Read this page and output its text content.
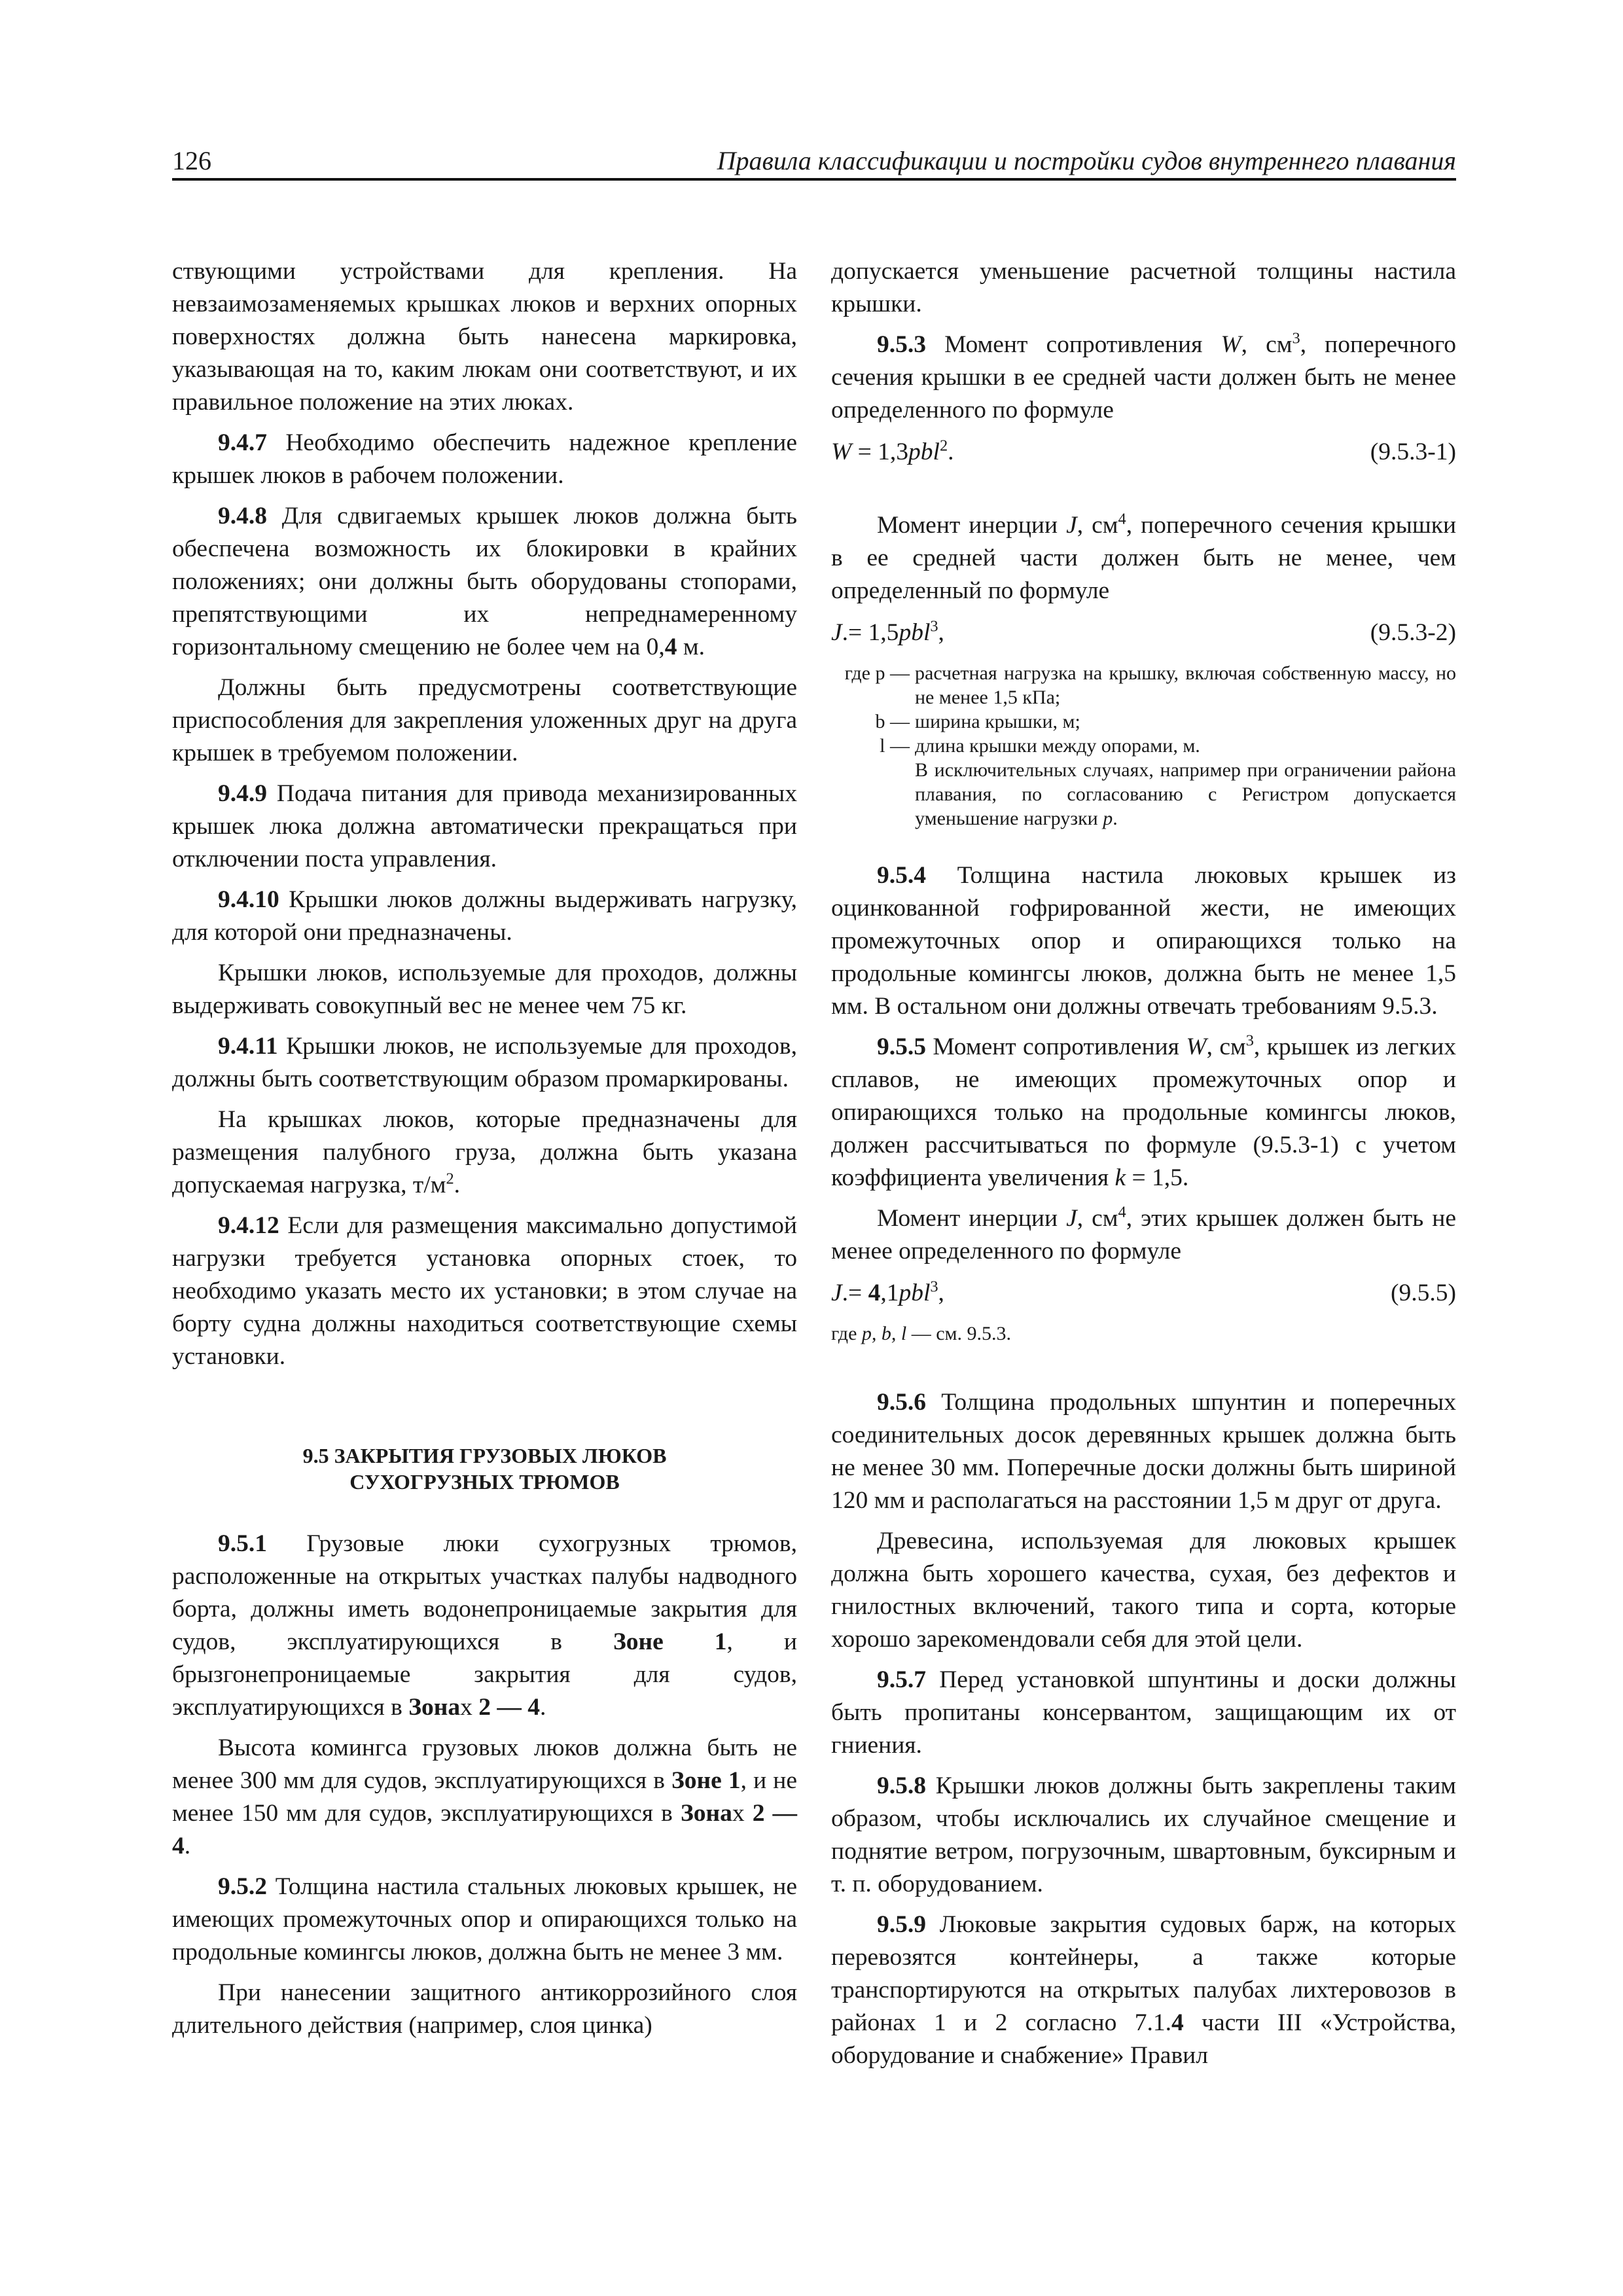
126	Правила классификации и постройки судов внутреннего плавания

ствующими устройствами для крепления. На невзаимозаменяемых крышках люков и верхних опорных поверхностях должна быть нанесена маркировка, указывающая на то, каким люкам они соответствуют, и их правильное положение на этих люках.

9.4.7 Необходимо обеспечить надежное крепление крышек люков в рабочем положении.

9.4.8 Для сдвигаемых крышек люков должна быть обеспечена возможность их блокировки в крайних положениях; они должны быть оборудованы стопорами, препятствующими их непреднамеренному горизонтальному смещению не более чем на 0,4 м.

Должны быть предусмотрены соответствующие приспособления для закрепления уложенных друг на друга крышек в требуемом положении.

9.4.9 Подача питания для привода механизированных крышек люка должна автоматически прекращаться при отключении поста управления.

9.4.10 Крышки люков должны выдерживать нагрузку, для которой они предназначены.

Крышки люков, используемые для проходов, должны выдерживать совокупный вес не менее чем 75 кг.

9.4.11 Крышки люков, не используемые для проходов, должны быть соответствующим образом промаркированы.

На крышках люков, которые предназначены для размещения палубного груза, должна быть указана допускаемая нагрузка, $т/м^2$.

9.4.12 Если для размещения максимально допустимой нагрузки требуется установка опорных стоек, то необходимо указать место их установки; в этом случае на борту судна должны находиться соответствующие схемы установки.

9.5 ЗАКРЫТИЯ ГРУЗОВЫХ ЛЮКОВ
СУХОГРУЗНЫХ ТРЮМОВ

9.5.1 Грузовые люки сухогрузных трюмов, расположенные на открытых участках палубы надводного борта, должны иметь водонепроницаемые закрытия для судов, эксплуатирующихся в Зоне 1, и брызгонепроницаемые закрытия для судов, эксплуатирующихся в Зонах 2 — 4.

Высота комингса грузовых люков должна быть не менее 300 мм для судов, эксплуатирующихся в Зоне 1, и не менее 150 мм для судов, эксплуатирующихся в Зонах 2 — 4.

9.5.2 Толщина настила стальных люковых крышек, не имеющих промежуточных опор и опирающихся только на продольные комингсы люков, должна быть не менее 3 мм.

При нанесении защитного антикоррозийного слоя длительного действия (например, слоя цинка)

допускается уменьшение расчетной толщины настила крышки.

9.5.3 Момент сопротивления W, $см^3$, поперечного сечения крышки в ее средней части должен быть не менее определенного по формуле

W = 1,3pbl$^2$.	(9.5.3-1)

Момент инерции J, $см^4$, поперечного сечения крышки в ее средней части должен быть не менее, чем определенный по формуле

J.= 1,5pbl$^3$,	(9.5.3-2)
где p — расчетная нагрузка на крышку, включая собственную массу, но не менее 1,5 кПа;
b — ширина крышки, м;
l — длина крышки между опорами, м.
В исключительных случаях, например при ограничении района плавания, по согласованию с Регистром допускается уменьшение нагрузки p.

9.5.4 Толщина настила люковых крышек из оцинкованной гофрированной жести, не имеющих промежуточных опор и опирающихся только на продольные комингсы люков, должна быть не менее 1,5 мм. В остальном они должны отвечать требованиям 9.5.3.

9.5.5 Момент сопротивления W, $см^3$, крышек из легких сплавов, не имеющих промежуточных опор и опирающихся только на продольные комингсы люков, должен рассчитываться по формуле (9.5.3-1) с учетом коэффициента увеличения k = 1,5.

Момент инерции J, $см^4$, этих крышек должен быть не менее определенного по формуле

J.= 4,1pbl$^3$,	(9.5.5)
где p, b, l — см. 9.5.3.

9.5.6 Толщина продольных шпунтин и поперечных соединительных досок деревянных крышек должна быть не менее 30 мм. Поперечные доски должны быть шириной 120 мм и располагаться на расстоянии 1,5 м друг от друга.

Древесина, используемая для люковых крышек должна быть хорошего качества, сухая, без дефектов и гнилостных включений, такого типа и сорта, которые хорошо зарекомендовали себя для этой цели.

9.5.7 Перед установкой шпунтины и доски должны быть пропитаны консервантом, защищающим их от гниения.

9.5.8 Крышки люков должны быть закреплены таким образом, чтобы исключались их случайное смещение и поднятие ветром, погрузочным, швартовным, буксирным и т. п. оборудованием.

9.5.9 Люковые закрытия судовых барж, на которых перевозятся контейнеры, а также которые транспортируются на открытых палубах лихтеровозов в районах 1 и 2 согласно 7.1.4 части III «Устройства, оборудование и снабжение» Правил
